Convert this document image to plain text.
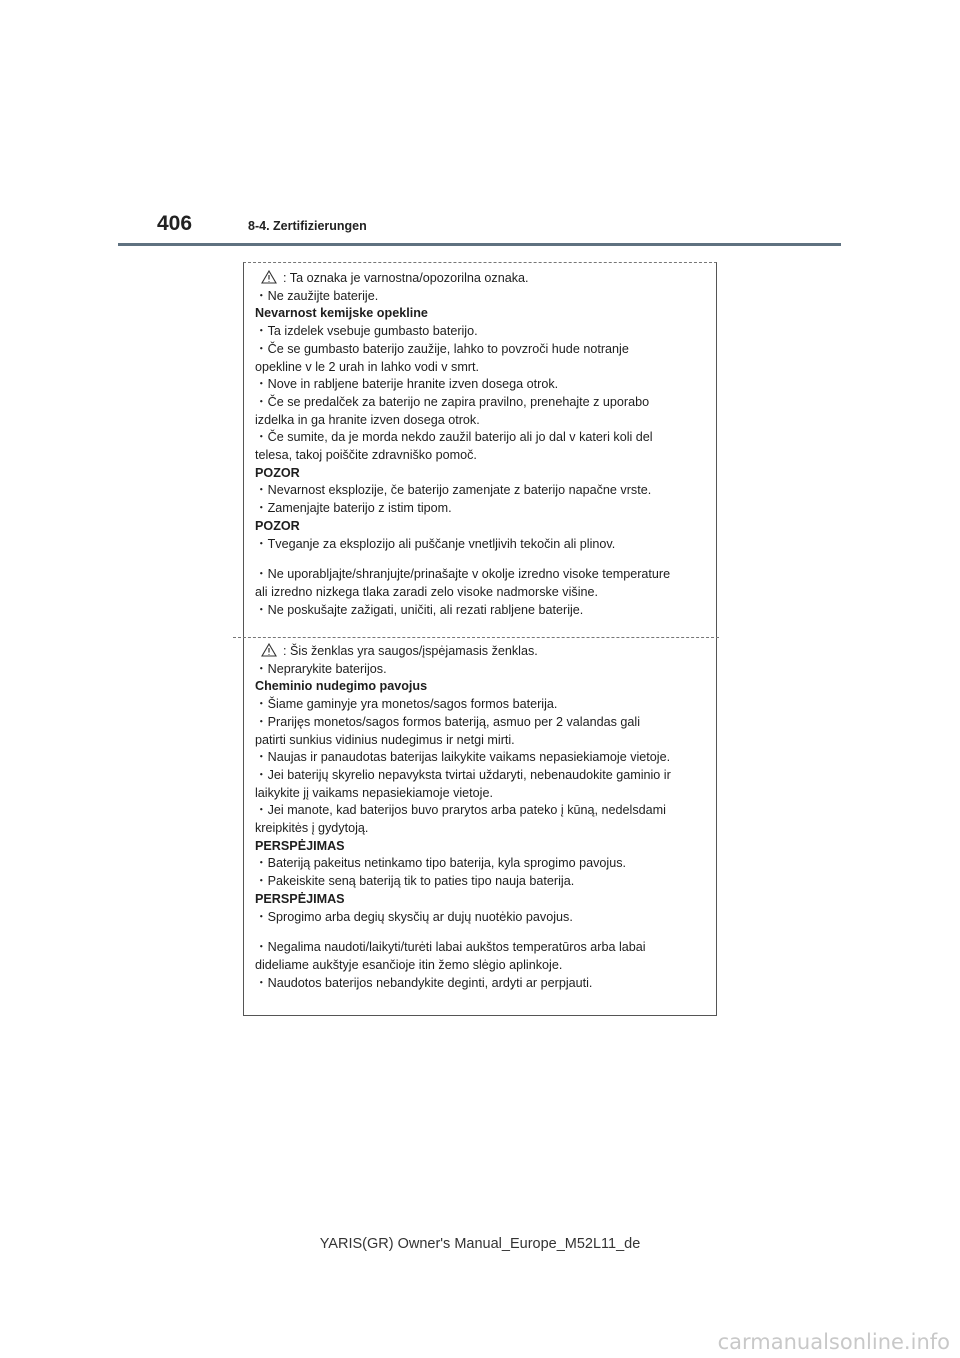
406	8-4. Zertifizierungen
: Ta oznaka je varnostna/opozorilna oznaka.
・Ne zaužijte baterije.
Nevarnost kemijske opekline
・Ta izdelek vsebuje gumbasto baterijo.
・Če se gumbasto baterijo zaužije, lahko to povzroči hude notranje
opekline v le 2 urah in lahko vodi v smrt.
・Nove in rabljene baterije hranite izven dosega otrok.
・Če se predalček za baterijo ne zapira pravilno, prenehajte z uporabo
izdelka in ga hranite izven dosega otrok.
・Če sumite, da je morda nekdo zaužil baterijo ali jo dal v kateri koli del
telesa, takoj poiščite zdravniško pomoč.
POZOR
・Nevarnost eksplozije, če baterijo zamenjate z baterijo napačne vrste.
・Zamenjajte baterijo z istim tipom.
POZOR
・Tveganje za eksplozijo ali puščanje vnetljivih tekočin ali plinov.
・Ne uporabljajte/shranjujte/prinašajte v okolje izredno visoke temperature
ali izredno nizkega tlaka zaradi zelo visoke nadmorske višine.
・Ne poskušajte zažigati, uničiti, ali rezati rabljene baterije.
: Šis ženklas yra saugos/įspėjamasis ženklas.
・Neprarykite baterijos.
Cheminio nudegimo pavojus
・Šiame gaminyje yra monetos/sagos formos baterija.
・Prarijęs monetos/sagos formos bateriją, asmuo per 2 valandas gali
patirti sunkius vidinius nudegimus ir netgi mirti.
・Naujas ir panaudotas baterijas laikykite vaikams nepasiekiamoje vietoje.
・Jei baterijų skyrelio nepavyksta tvirtai uždaryti, nebenaudokite gaminio ir
laikykite jį vaikams nepasiekiamoje vietoje.
・Jei manote, kad baterijos buvo prarytos arba pateko į kūną, nedelsdami
kreipkitės į gydytoją.
PERSPĖJIMAS
・Bateriją pakeitus netinkamo tipo baterija, kyla sprogimo pavojus.
・Pakeiskite seną bateriją tik to paties tipo nauja baterija.
PERSPĖJIMAS
・Sprogimo arba degių skysčių ar dujų nuotėkio pavojus.
・Negalima naudoti/laikyti/turėti labai aukštos temperatūros arba labai
dideliame aukštyje esančioje itin žemo slėgio aplinkoje.
・Naudotos baterijos nebandykite deginti, ardyti ar perpjauti.
YARIS(GR) Owner's Manual_Europe_M52L11_de
carmanualsonline.info
